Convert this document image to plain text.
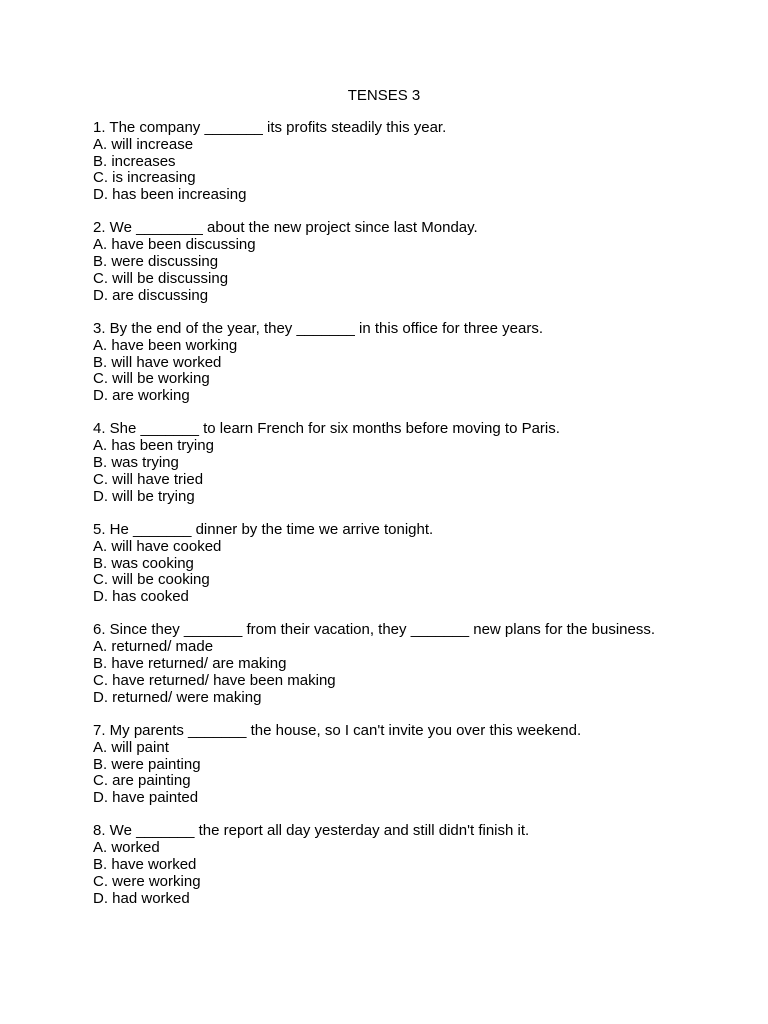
TENSES 3
1. The company _______ its profits steadily this year.
A. will increase
B. increases
C. is increasing
D. has been increasing
2. We ________ about the new project since last Monday.
A. have been discussing
B. were discussing
C. will be discussing
D. are discussing
3. By the end of the year, they _______ in this office for three years.
A. have been working
B. will have worked
C. will be working
D. are working
4. She _______ to learn French for six months before moving to Paris.
A. has been trying
B. was trying
C. will have tried
D. will be trying
5. He _______ dinner by the time we arrive tonight.
A. will have cooked
B. was cooking
C. will be cooking
D. has cooked
6. Since they _______ from their vacation, they _______ new plans for the business.
A. returned/ made
B. have returned/ are making
C. have returned/ have been making
D. returned/ were making
7. My parents _______ the house, so I can't invite you over this weekend.
A. will paint
B. were painting
C. are painting
D. have painted
8. We _______ the report all day yesterday and still didn't finish it.
A. worked
B. have worked
C. were working
D. had worked
